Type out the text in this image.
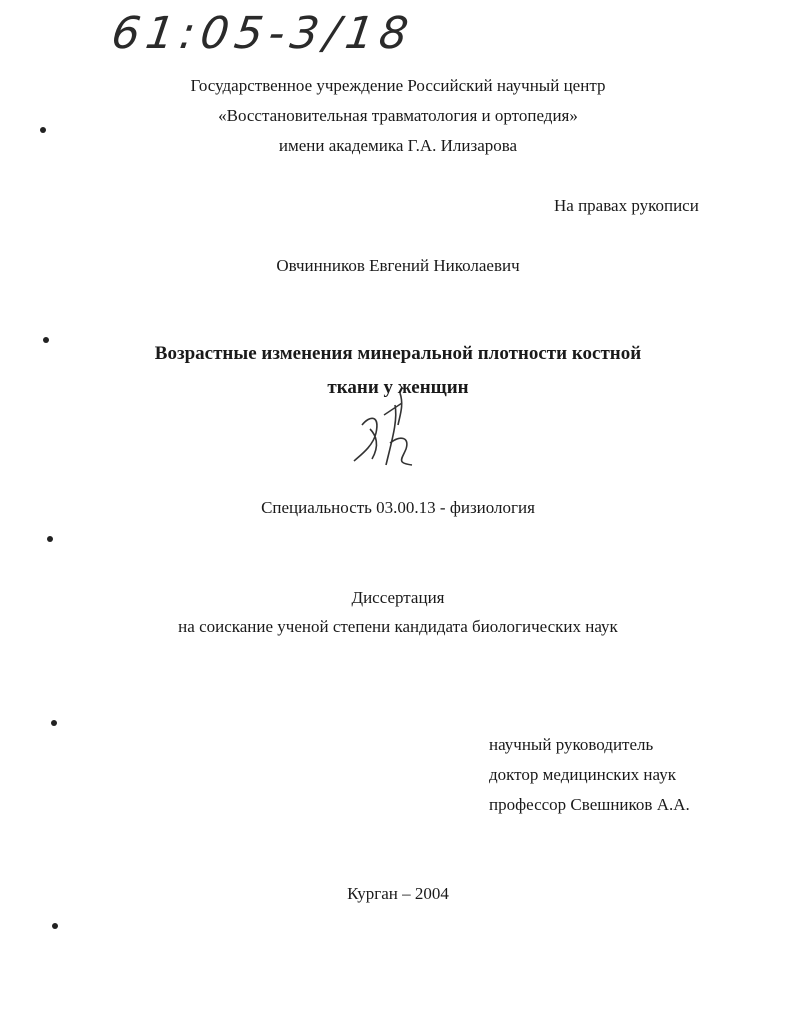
61:05-3/18
Государственное учреждение Российский научный центр
«Восстановительная травматология и ортопедия»
имени академика Г.А. Илизарова
На правах рукописи
Овчинников Евгений Николаевич
Возрастные изменения минеральной плотности костной
ткани у женщин
Специальность 03.00.13 - физиология
Диссертация
на соискание ученой степени кандидата биологических наук
научный руководитель
доктор медицинских наук
профессор Свешников А.А.
Курган – 2004
